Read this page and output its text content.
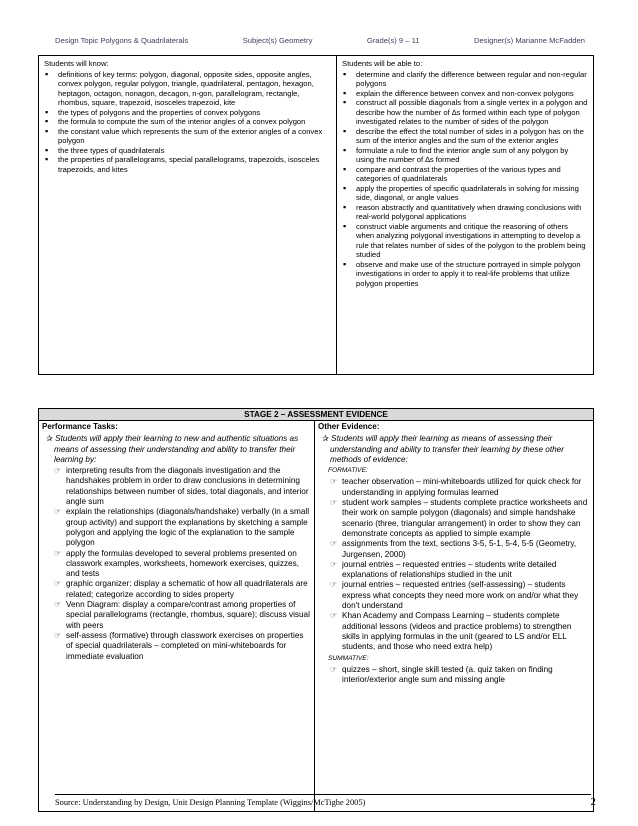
Design Topic Polygons & Quadrilaterals	Subject(s) Geometry	Grade(s) 9 – 11	Designer(s) Marianne McFadden
Students will know:
▪ definitions of key terms: polygon, diagonal, opposite sides, opposite angles, convex polygon, regular polygon, triangle, quadrilateral, pentagon, hexagon, heptagon, octagon, nonagon, decagon, n-gon, parallelogram, rectangle, rhombus, square, trapezoid, isosceles trapezoid, kite
▪ the types of polygons and the properties of convex polygons
▪ the formula to compute the sum of the interior angles of a convex polygon
▪ the constant value which represents the sum of the exterior angles of a convex polygon
▪ the three types of quadrilaterals
▪ the properties of parallelograms, special parallelograms, trapezoids, isosceles trapezoids, and kites
Students will be able to:
▪ determine and clarify the difference between regular and non-regular polygons
▪ explain the difference between convex and non-convex polygons
▪ construct all possible diagonals from a single vertex in a polygon and describe how the number of ∆s formed within each type of polygon investigated relates to the number of sides of the polygon
▪ describe the effect the total number of sides in a polygon has on the sum of the interior angles and the sum of the exterior angles
▪ formulate a rule to find the interior angle sum of any polygon by using the number of ∆s formed
▪ compare and contrast the properties of the various types and categories of quadrilaterals
▪ apply the properties of specific quadrilaterals in solving for missing side, diagonal, or angle values
▪ reason abstractly and quantitatively when drawing conclusions with real-world polygonal applications
▪ construct viable arguments and critique the reasoning of others when analyzing polygonal investigations in attempting to develop a rule that relates number of sides of the polygon to the problem being studied
▪ observe and make use of the structure portrayed in simple polygon investigations in order to apply it to real-life problems that utilize polygon properties
STAGE 2 – ASSESSMENT EVIDENCE
Performance Tasks:
✰ Students will apply their learning to new and authentic situations as means of assessing their understanding and ability to transfer their learning by:
☞ interpreting results from the diagonals investigation and the handshakes problem in order to draw conclusions in determining relationships between number of sides, total diagonals, and interior angle sum
☞ explain the relationships (diagonals/handshake) verbally (in a small group activity) and support the explanations by sketching a sample polygon and applying the logic of the explanation to the sample polygon
☞ apply the formulas developed to several problems presented on classwork examples, worksheets, homework exercises, quizzes, and tests
☞ graphic organizer: display a schematic of how all quadrilaterals are related; categorize according to sides property
☞ Venn Diagram: display a compare/contrast among properties of special parallelograms (rectangle, rhombus, square); discuss visual with peers
☞ self-assess (formative) through classwork exercises on properties of special quadrilaterals – completed on mini-whiteboards for immediate evaluation
Other Evidence:
✰ Students will apply their learning as means of assessing their understanding and ability to transfer their learning by these other methods of evidence:
FORMATIVE:
☞ teacher observation – mini-whiteboards utilized for quick check for understanding in applying formulas learned
☞ student work samples – students complete practice worksheets and their work on sample polygon (diagonals) and simple handshake scenario (three, triangular arrangement) in order to show they can demonstrate concepts as applied to simple example
☞ assignments from the text, sections 3-5, 5-1, 5-4, 5-5 (Geometry, Jurgensen, 2000)
☞ journal entries – requested entries – students write detailed explanations of relationships studied in the unit
☞ journal entries – requested entries (self-assessing) – students express what concepts they need more work on and/or what they don't understand
☞ Khan Academy and Compass Learning – students complete additional lessons (videos and practice problems) to strengthen skills in applying formulas in the unit (geared to LS and/or ELL students, and those who need extra help)
SUMMATIVE:
☞ quizzes – short, single skill tested (a. quiz taken on finding interior/exterior angle sum and missing angle
Source: Understanding by Design, Unit Design Planning Template (Wiggins/McTighe 2005)	2
